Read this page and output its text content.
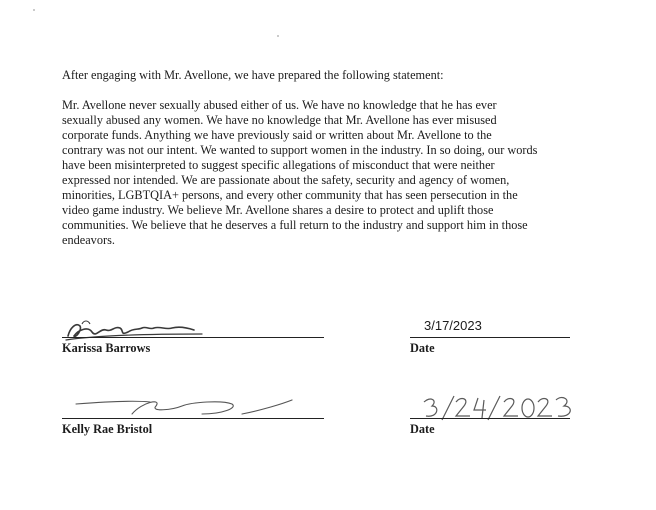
After engaging with Mr. Avellone, we have prepared the following statement:

Mr. Avellone never sexually abused either of us. We have no knowledge that he has ever
sexually abused any women. We have no knowledge that Mr. Avellone has ever misused
corporate funds. Anything we have previously said or written about Mr. Avellone to the
contrary was not our intent. We wanted to support women in the industry. In so doing, our words
have been misinterpreted to suggest specific allegations of misconduct that were neither
expressed nor intended. We are passionate about the safety, security and agency of women,
minorities, LGBTQIA+ persons, and every other community that has seen persecution in the
video game industry. We believe Mr. Avellone shares a desire to protect and uplift those
communities. We believe that he deserves a full return to the industry and support him in those
endeavors.

Karissa Barrows
3/17/2023
Date
Kelly Rae Bristol	Date
